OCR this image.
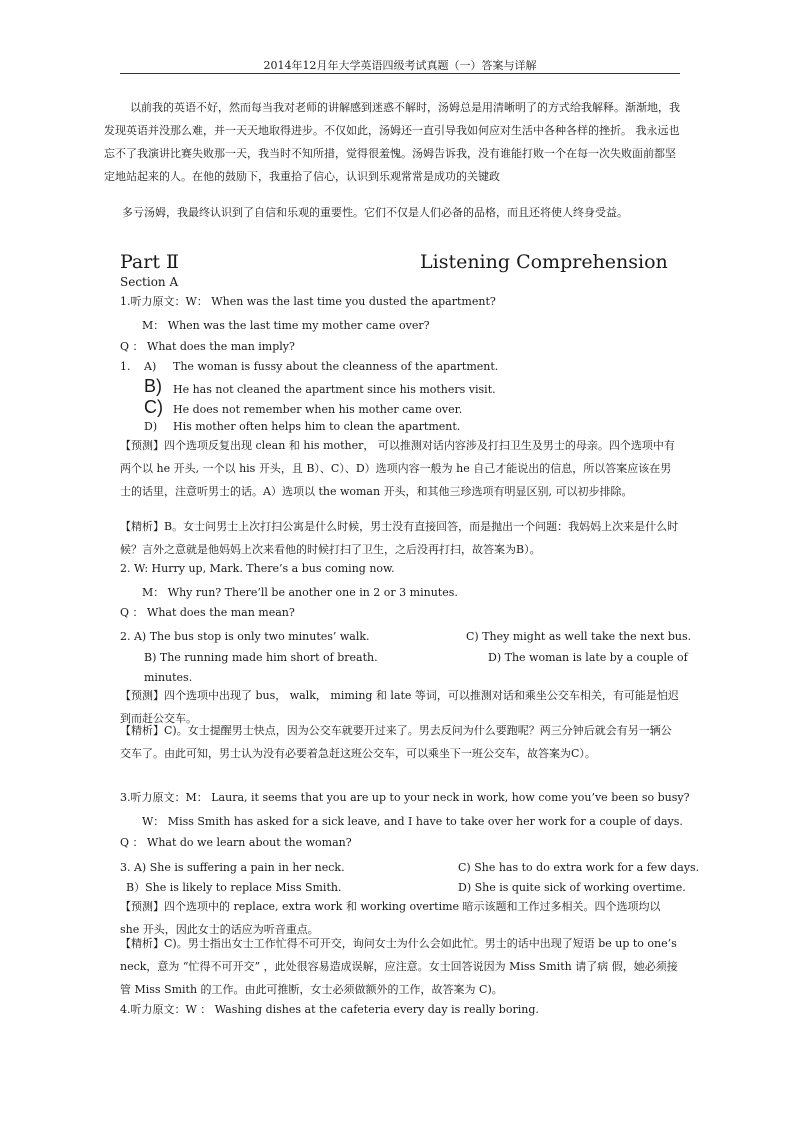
2014年12月年大学英语四级考试真题（一）答案与详解
以前我的英语不好，然而每当我对老师的讲解感到迷惑不解时，汤姆总是用清晰明了的方式给我解释。渐渐地，我发现英语并没那么难，并一天天地取得进步。不仅如此，汤姆还一直引导我如何应对生活中各种各样的挫折。 我永远也忘不了我演讲比赛失败那一天，我当时不知所措，觉得很羞愧。汤姆告诉我，没有谁能打败一个在每一次失败面前都坚定地站起来的人。在他的鼓励下，我重拾了信心，认识到乐观常常是成功的关键政
多亏汤姆，我最终认识到了自信和乐观的重要性。它们不仅是人们必备的品格，而且还将使人终身受益。
Part Ⅱ	Listening Comprehension
Section A
1.听力原文：W： When was the last time you dusted the apartment?
M： When was the last time my mother came over?
Q ： What does the man imply?
1. A) The woman is fussy about the cleanness of the apartment.
B) He has not cleaned the apartment since his mothers visit.
C) He does not remember when his mother came over.
D) His mother often helps him to clean the apartment.
【预测】四个选项反复出现 clean 和 his mother， 可以推测对话内容涉及打扫卫生及男士的母亲。四个选项中有两个以 he 开头, 一个以 his 开头，且 B）、C）、D）选项内容一般为 he 自己才能说出的信息，所以答案应该在男士的话里，注意听男士的话。A）选项以 the woman 开头，和其他三珍选项有明显区别, 可以初步排除。
【精析】B。女士问男士上次打扫公寓是什么时候，男士没有直接回答，而是抛出一个问题：我妈妈上次来是什么时候？言外之意就是他妈妈上次来看他的时候打扫了卫生，之后没再打扫，故答案为B）。
2. W: Hurry up, Mark. There’s a bus coming now.
M： Why run? There’ll be another one in 2 or 3 minutes.
Q ： What does the man mean?
2. A) The bus stop is only two minutes’ walk.	C) They might as well take the next bus.
B) The running made him short of breath.	D) The woman is late by a couple of
minutes.
【预测】四个选项中出现了 bus， walk， miming 和 late 等词，可以推测对话和乘坐公交车相关，有可能是怕迟到而赶公交车。
【精析】C)。女士提醒男士快点，因为公交车就要开过来了。男去反问为什么要跑呢？两三分钟后就会有另一辆公交车了。由此可知，男士认为没有必要着急赶这班公交车，可以乘坐下一班公交车，故答案为C）。
3.听力原文：M： Laura, it seems that you are up to your neck in work, how come you’ve been so busy?
W： Miss Smith has asked for a sick leave, and I have to take over her work for a couple of days.
Q ： What do we learn about the woman?
3. A) She is suffering a pain in her neck.	C) She has to do extra work for a few days.
B）She is likely to replace Miss Smith.	D) She is quite sick of working overtime.
【预测】四个选项中的 replace, extra work 和 working overtime 暗示该题和工作过多相关。四个选项均以 she 开头，因此女士的话应为听音重点。
【精析】C)。男士指出女士工作忙得不可开交，询问女士为什么会如此忙。男士的话中出现了短语 be up to one’s neck，意为 “忙得不可开交” ，此处很容易造成误解，应注意。女士回答说因为 Miss Smith 请了病 假，她必须接管 Miss Smith 的工作。由此可推断，女士必须做额外的工作，故答案为 C)。
4.听力原文：W ： Washing dishes at the cafeteria every day is really boring.
